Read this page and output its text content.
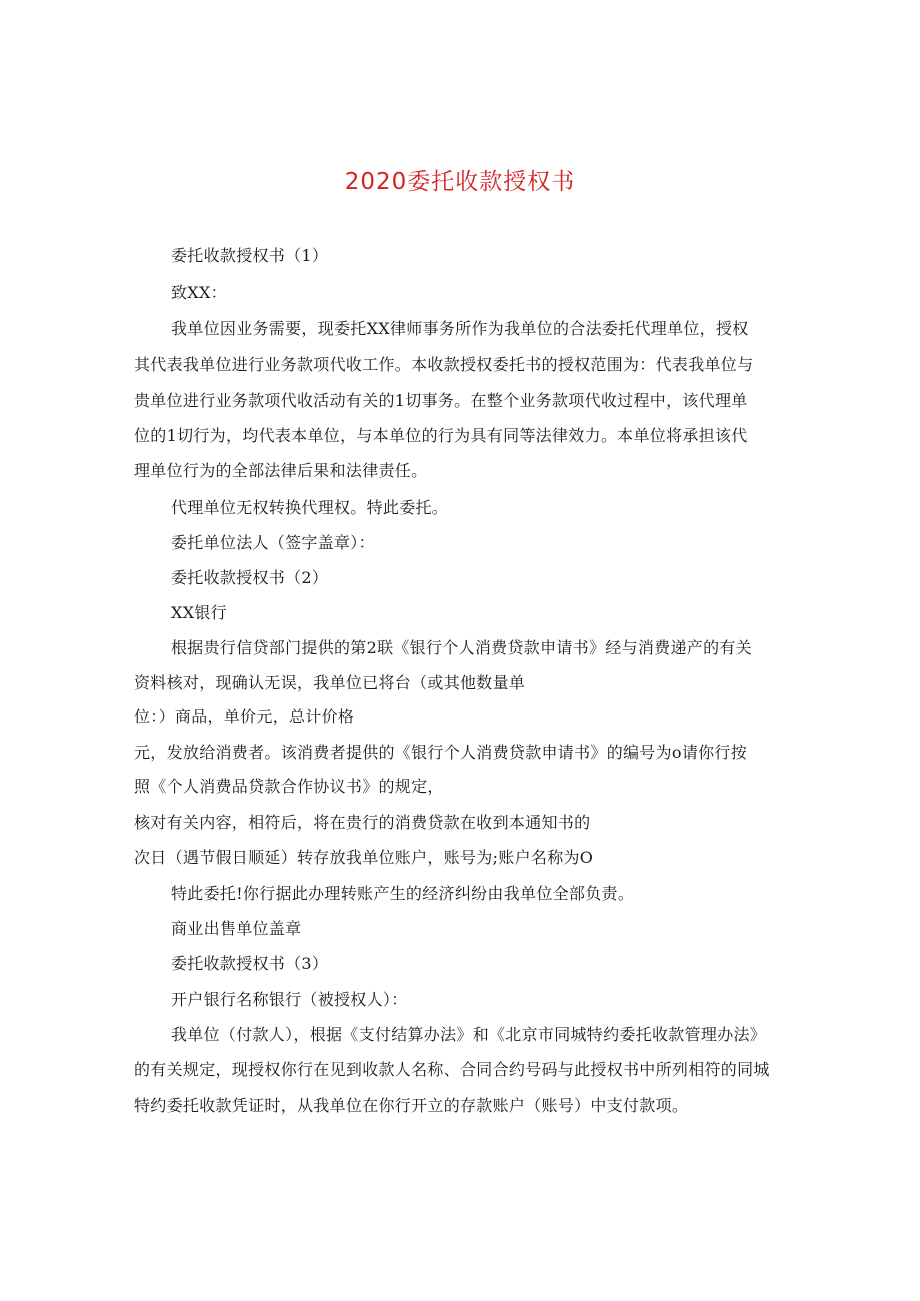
2020委托收款授权书
委托收款授权书（1）
致XX：
我单位因业务需要，现委托XX律师事务所作为我单位的合法委托代理单位，授权
其代表我单位进行业务款项代收工作。本收款授权委托书的授权范围为：代表我单位与
贵单位进行业务款项代收活动有关的1切事务。在整个业务款项代收过程中，该代理单
位的1切行为，均代表本单位，与本单位的行为具有同等法律效力。本单位将承担该代
理单位行为的全部法律后果和法律责任。
代理单位无权转换代理权。特此委托。
委托单位法人（签字盖章）：
委托收款授权书（2）
XX银行
根据贵行信贷部门提供的第2联《银行个人消费贷款申请书》经与消费递产的有关
资料核对，现确认无误，我单位已将台（或其他数量单
位：）商品，单价元，总计价格
元，发放给消费者。该消费者提供的《银行个人消费贷款申请书》的编号为o请你行按
照《个人消费品贷款合作协议书》的规定，
核对有关内容，相符后，将在贵行的消费贷款在收到本通知书的
次日（遇节假日顺延）转存放我单位账户，账号为;账户名称为O
特此委托!你行据此办理转账产生的经济纠纷由我单位全部负责。
商业出售单位盖章
委托收款授权书（3）
开户银行名称银行（被授权人）：
我单位（付款人），根据《支付结算办法》和《北京市同城特约委托收款管理办法》
的有关规定，现授权你行在见到收款人名称、合同合约号码与此授权书中所列相符的同城
特约委托收款凭证时，从我单位在你行开立的存款账户（账号）中支付款项。
